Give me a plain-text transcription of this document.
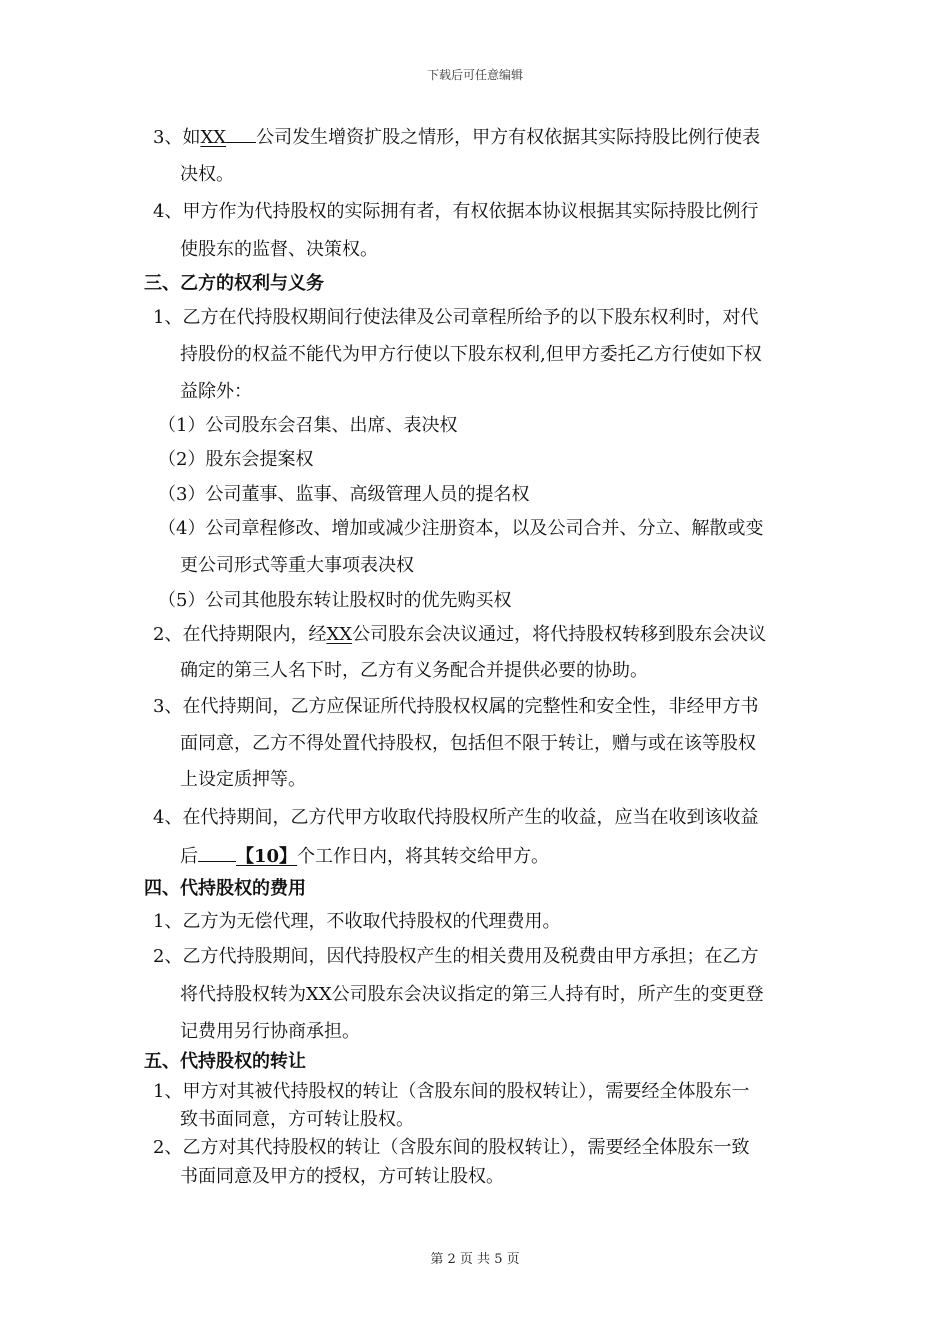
下载后可任意编辑
3、如XX 公司发生增资扩股之情形，甲方有权依据其实际持股比例行使表
决权。
4、甲方作为代持股权的实际拥有者，有权依据本协议根据其实际持股比例行
使股东的监督、决策权。
三、乙方的权利与义务
1、乙方在代持股权期间行使法律及公司章程所给予的以下股东权利时，对代
持股份的权益不能代为甲方行使以下股东权利,但甲方委托乙方行使如下权
益除外：
（1）公司股东会召集、出席、表决权
（2）股东会提案权
（3）公司董事、监事、高级管理人员的提名权
（4）公司章程修改、增加或减少注册资本，以及公司合并、分立、解散或变
更公司形式等重大事项表决权
（5）公司其他股东转让股权时的优先购买权
2、在代持期限内，经XX公司股东会决议通过，将代持股权转移到股东会决议
确定的第三人名下时，乙方有义务配合并提供必要的协助。
3、在代持期间，乙方应保证所代持股权权属的完整性和安全性，非经甲方书
面同意，乙方不得处置代持股权，包括但不限于转让，赠与或在该等股权
上设定质押等。
4、在代持期间，乙方代甲方收取代持股权所产生的收益，应当在收到该收益
后 【10】个工作日内，将其转交给甲方。
四、代持股权的费用
1、乙方为无偿代理，不收取代持股权的代理费用。
2、乙方代持股期间，因代持股权产生的相关费用及税费由甲方承担；在乙方
将代持股权转为XX公司股东会决议指定的第三人持有时，所产生的变更登
记费用另行协商承担。
五、代持股权的转让
1、甲方对其被代持股权的转让（含股东间的股权转让），需要经全体股东一
致书面同意，方可转让股权。
2、乙方对其代持股权的转让（含股东间的股权转让），需要经全体股东一致
书面同意及甲方的授权，方可转让股权。
第 2 页 共 5 页
